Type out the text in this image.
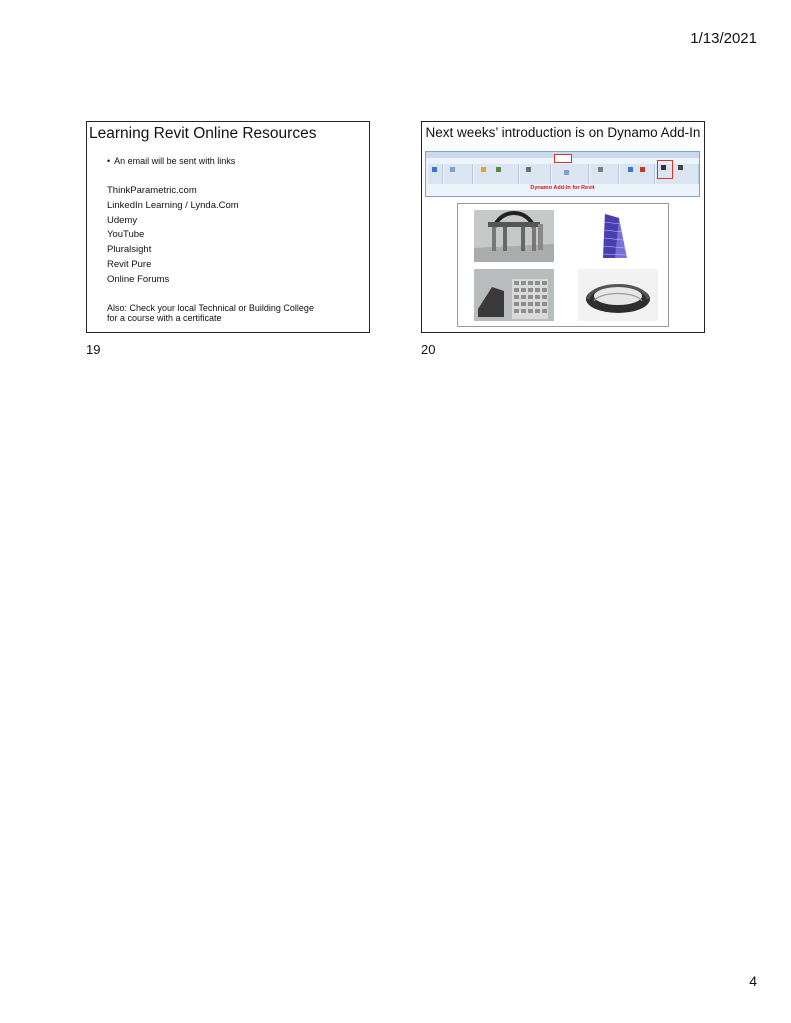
1/13/2021
Learning Revit Online Resources
• An email will be sent with links
ThinkParametric.com
LinkedIn Learning / Lynda.Com
Udemy
YouTube
Pluralsight
Revit Pure
Online Forums
Also: Check your local Technical or Building College
for a course with a certificate
19
Next weeks’ introduction is on Dynamo Add-In
Dynamo Add-In for Revit
20
4
